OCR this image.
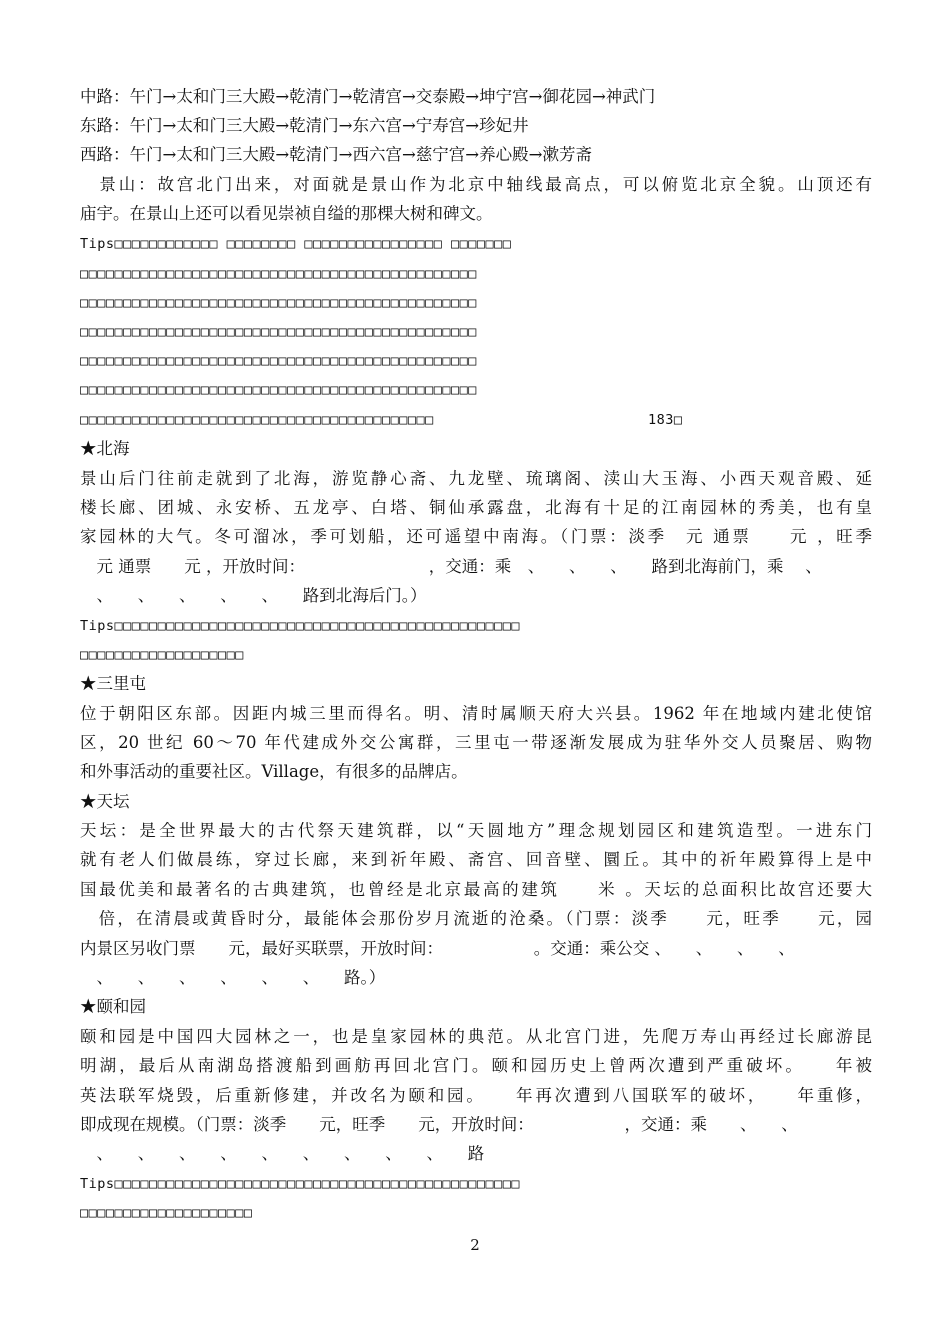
中路：午门→太和门三大殿→乾清门→乾清宫→交泰殿→坤宁宫→御花园→神武门
东路：午门→太和门三大殿→乾清门→东六宫→宁寿宫→珍妃井
西路：午门→太和门三大殿→乾清门→西六宫→慈宁宫→养心殿→漱芳斋
　景山：故宫北门出来，对面就是景山作为北京中轴线最高点，可以俯览北京全貌。山顶还有
庙宇。在景山上还可以看见崇祯自缢的那棵大树和碑文。
Tips□□□□□□□□□□□□ □□□□□□□□ □□□□□□□□□□□□□□□□ □□□□□□□
□□□□□□□□□□□□□□□□□□□□□□□□□□□□□□□□□□□□□□□□□□□□□□
□□□□□□□□□□□□□□□□□□□□□□□□□□□□□□□□□□□□□□□□□□□□□□
□□□□□□□□□□□□□□□□□□□□□□□□□□□□□□□□□□□□□□□□□□□□□□
□□□□□□□□□□□□□□□□□□□□□□□□□□□□□□□□□□□□□□□□□□□□□□
□□□□□□□□□□□□□□□□□□□□□□□□□□□□□□□□□□□□□□□□□□□□□□
□□□□□□□□□□□□□□□□□□□□□□□□□□□□□□□□□□□□□□□□□	183□
★北海
景山后门往前走就到了北海，游览静心斋、九龙壁、琉璃阁、渎山大玉海、小西天观音殿、延
楼长廊、团城、永安桥、五龙亭、白塔、铜仙承露盘，北海有十足的江南园林的秀美，也有皇
家园林的大气。冬可溜冰，季可划船，还可遥望中南海。（门票：淡季　元 通票　　元 ，旺季
　元 通票　　元 ，开放时间：　　　　　　　　，交通：乘　、　　、　　、　　路到北海前门，乘　 、
　、　　、　　、　　、　　、　　路到北海后门。）
Tips□□□□□□□□□□□□□□□□□□□□□□□□□□□□□□□□□□□□□□□□□□□□□□□
□□□□□□□□□□□□□□□□□□□
★三里屯
位于朝阳区东部。因距内城三里而得名。明、清时属顺天府大兴县。1962 年在地域内建北使馆
区，20 世纪 60～70 年代建成外交公寓群，三里屯一带逐渐发展成为驻华外交人员聚居、购物
和外事活动的重要社区。Village，有很多的品牌店。
★天坛
天坛：是全世界最大的古代祭天建筑群，以“天圆地方”理念规划园区和建筑造型。一进东门
就有老人们做晨练，穿过长廊，来到祈年殿、斋宫、回音壁、圜丘。其中的祈年殿算得上是中
国最优美和最著名的古典建筑，也曾经是北京最高的建筑　　米 。天坛的总面积比故宫还要大
　倍，在清晨或黄昏时分，最能体会那份岁月流逝的沧桑。（门票：淡季　　元，旺季　　元，园
内景区另收门票　　元，最好买联票，开放时间：　　　　　　。交通：乘公交 、　　、　　、　　、
　、　　、　　、　　、　　、　　、　　路。）
★颐和园
颐和园是中国四大园林之一，也是皇家园林的典范。从北宫门进，先爬万寿山再经过长廊游昆
明湖，最后从南湖岛搭渡船到画舫再回北宫门。颐和园历史上曾两次遭到严重破坏。　　年被
英法联军烧毁，后重新修建，并改名为颐和园。　　年再次遭到八国联军的破坏，　　年重修，
即成现在规模。（门票：淡季　　元，旺季　　元，开放时间：　　　　　　，交通：乘　　、　　、
　、　　、　　、　　、　　、　　、　　、　　、　　、　　路
Tips□□□□□□□□□□□□□□□□□□□□□□□□□□□□□□□□□□□□□□□□□□□□□□□
□□□□□□□□□□□□□□□□□□□□
2
